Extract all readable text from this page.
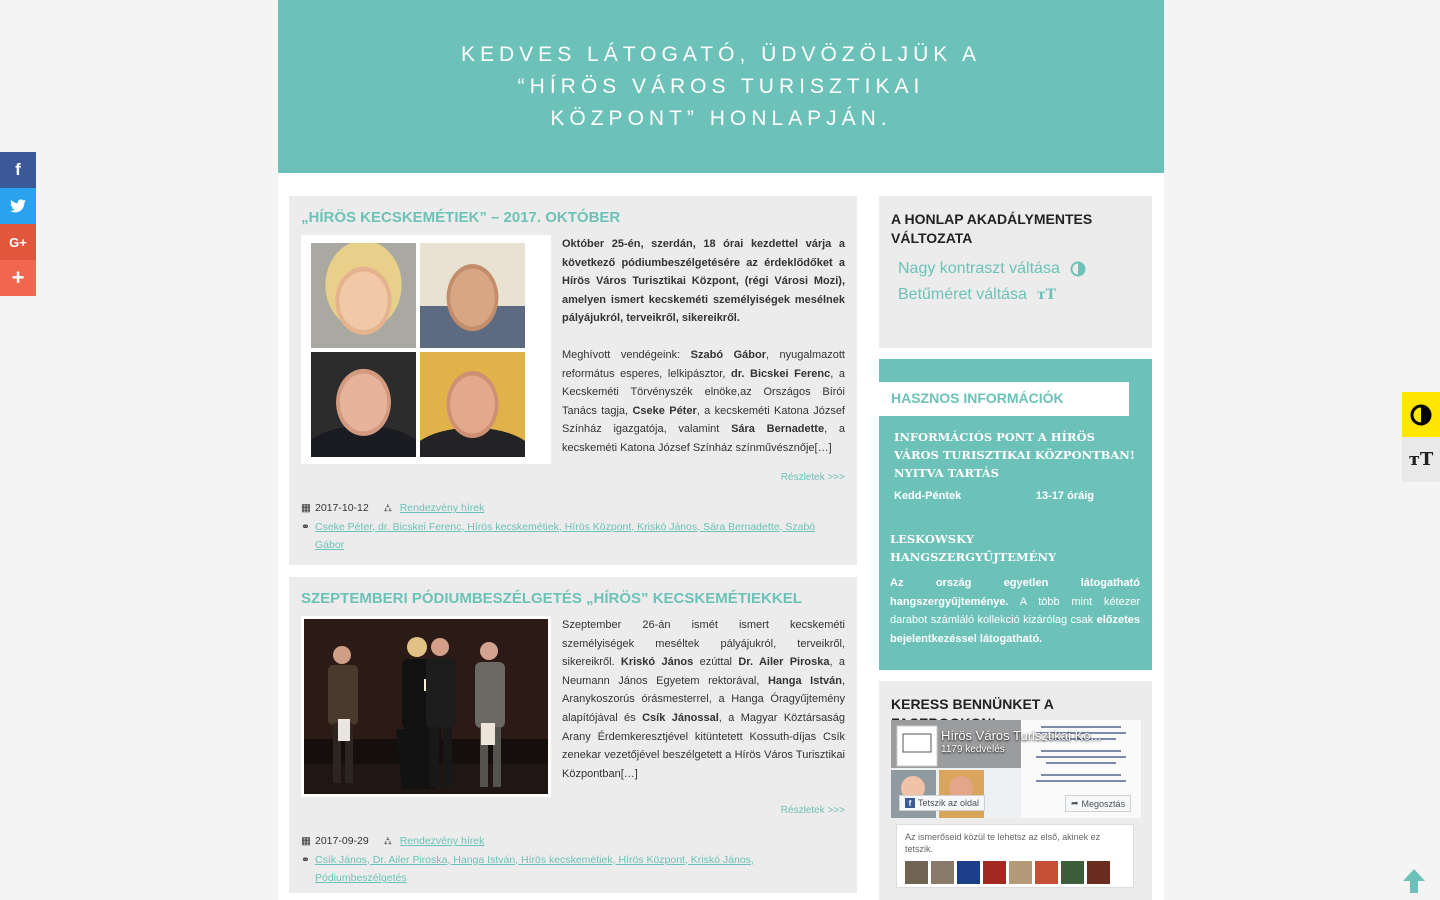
f
G+
+
тT
KEDVES LÁTOGATÓ, ÜDVÖZÖLJÜK A “HÍRÖS VÁROS TURISZTIKAI KÖZPONT” HONLAPJÁN.
„HÍRÖS KECSKEMÉTIEK” – 2017. OKTÓBER

Október 25-én, szerdán, 18 órai kezdettel várja a következő pódiumbeszélgetésére az érdeklődőket a Hírös Város Turisztikai Központ, (régi Városi Mozi), amelyen ismert kecskeméti személyiségek mesélnek pályájukról, terveikről, sikereikről.

Meghívott vendégeink: Szabó Gábor, nyugalmazott református esperes, lelkipásztor, dr. Bicskei Ferenc, a Kecskeméti Törvényszék elnöke,az Országos Bírói Tanács tagja, Cseke Péter, a kecskeméti Katona József Színház igazgatója, valamint Sára Bernadette, a kecskeméti Katona József Színház színművésznője[…]

Részletek >>>
▦ 2017-10-12 ⛼ Rendezvény hírek
⚭ Cseke Péter, dr. Bicskei Ferenc, Hírös kecskemétiek, Hírös Központ, Kriskó János, Sára Bernadette, Szabó
Gábor
SZEPTEMBERI PÓDIUMBESZÉLGETÉS „HÍRÖS” KECSKEMÉTIEKKEL

Szeptember 26-án ismét ismert kecskeméti személyiségek meséltek pályájukról, terveikről, sikereikről. Kriskó János ezúttal Dr. Ailer Piroska, a Neumann János Egyetem rektorával, Hanga István, Aranykoszorús órásmesterrel, a Hanga Óragyűjtemény alapítójával és Csík Jánossal, a Magyar Köztársaság Arany Érdemkeresztjével kitüntetett Kossuth-díjas Csík zenekar vezetőjével beszélgetett a Hírös Város Turisztikai Központban[…]

Részletek >>>
▦ 2017-09-29 ⛼ Rendezvény hírek
⚭ Csík János, Dr. Ailer Piroska, Hanga István, Hírös kecskemétiek, Hírös Központ, Kriskó János,
Pódiumbeszélgetés
A HONLAP AKADÁLYMENTES VÁLTOZATA
Nagy kontraszt váltása
Betűméret váltása тT
HASZNOS INFORMÁCIÓK
INFORMÁCIÓS PONT A HÍRÖS VÁROS TURISZTIKAI KÖZPONTBAN! NYITVA TARTÁS
Kedd-Péntek	13-17 óráig
LESKOWSKY HANGSZERGYŰJTEMÉNY
Az ország egyetlen látogatható hangszergyűjteménye. A több mint kétezer darabot számláló kollekció kizárólag csak előzetes bejelentkezéssel látogatható.
KERESS BENNÜNKET A
Hírös Város Turisztikai Kö...
1179 kedvelés
f Tetszik az oldal	➦ Megosztás
Az ismerőseid közül te lehetsz az első, akinek ez tetszik.
